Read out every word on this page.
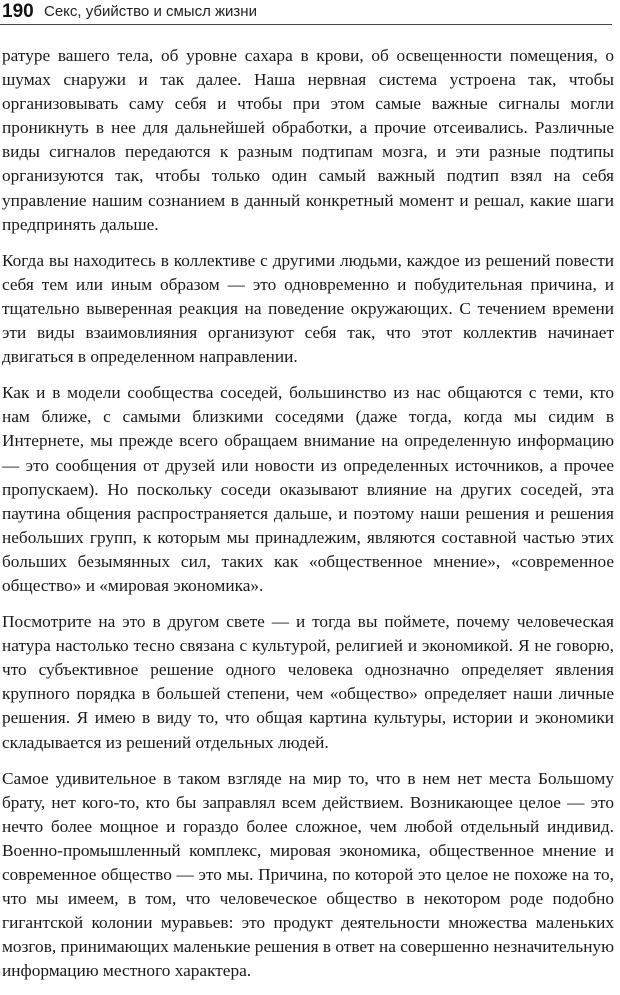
190 Секс, убийство и смысл жизни

ратуре вашего тела, об уровне сахара в крови, об освещенности помещения, о шумах снаружи и так далее. Наша нервная система устроена так, чтобы организовывать саму себя и чтобы при этом самые важные сигналы могли проникнуть в нее для дальнейшей обработки, а прочие отсеивались. Различные виды сигналов передаются к разным подтипам мозга, и эти разные подтипы организуются так, чтобы только один самый важный подтип взял на себя управление нашим сознанием в данный конкретный момент и решал, какие шаги предпринять дальше.

Когда вы находитесь в коллективе с другими людьми, каждое из решений повести себя тем или иным образом — это одновременно и побудительная причина, и тщательно выверенная реакция на поведение окружающих. С течением времени эти виды взаимовлияния организуют себя так, что этот коллектив начинает двигаться в определенном направлении.

Как и в модели сообщества соседей, большинство из нас общаются с теми, кто нам ближе, с самыми близкими соседями (даже тогда, когда мы сидим в Интернете, мы прежде всего обращаем внимание на определенную информацию — это сообщения от друзей или новости из определенных источников, а прочее пропускаем). Но поскольку соседи оказывают влияние на других соседей, эта паутина общения распространяется дальше, и поэтому наши решения и решения небольших групп, к которым мы принадлежим, являются составной частью этих больших безымянных сил, таких как «общественное мнение», «современное общество» и «мировая экономика».

Посмотрите на это в другом свете — и тогда вы поймете, почему человеческая натура настолько тесно связана с культурой, религией и экономикой. Я не говорю, что субъективное решение одного человека однозначно определяет явления крупного порядка в большей степени, чем «общество» определяет наши личные решения. Я имею в виду то, что общая картина культуры, истории и экономики складывается из решений отдельных людей.

Самое удивительное в таком взгляде на мир то, что в нем нет места Большому брату, нет кого-то, кто бы заправлял всем действием. Возникающее целое — это нечто более мощное и гораздо более сложное, чем любой отдельный индивид. Военно-промышленный комплекс, мировая экономика, общественное мнение и современное общество — это мы. Причина, по которой это целое не похоже на то, что мы имеем, в том, что человеческое общество в некотором роде подобно гигантской колонии муравьев: это продукт деятельности множества маленьких мозгов, принимающих маленькие решения в ответ на совершенно незначительную информацию местного характера.
